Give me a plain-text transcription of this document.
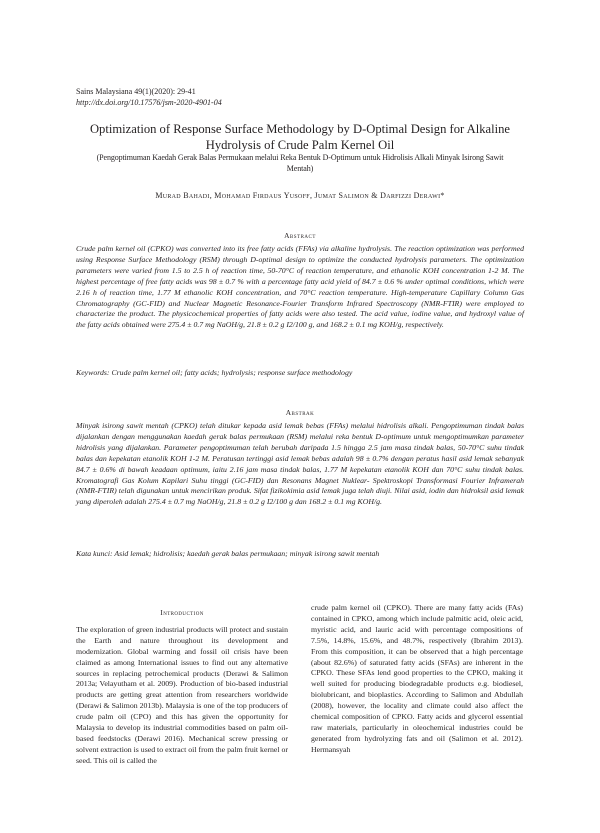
Sains Malaysiana 49(1)(2020): 29-41
http://dx.doi.org/10.17576/jsm-2020-4901-04
Optimization of Response Surface Methodology by D-Optimal Design for Alkaline Hydrolysis of Crude Palm Kernel Oil
(Pengoptimuman Kaedah Gerak Balas Permukaan melalui Reka Bentuk D-Optimum untuk Hidrolisis Alkali Minyak Isirong Sawit Mentah)
Murad Bahadi, Mohamad Firdaus Yusoff, Jumat Salimon & Darfizzi Derawi*
Abstract
Crude palm kernel oil (CPKO) was converted into its free fatty acids (FFAs) via alkaline hydrolysis. The reaction optimization was performed using Response Surface Methodology (RSM) through D-optimal design to optimize the conducted hydrolysis parameters. The optimization parameters were varied from 1.5 to 2.5 h of reaction time, 50-70°C of reaction temperature, and ethanolic KOH concentration 1-2 M. The highest percentage of free fatty acids was 98 ± 0.7 % with a percentage fatty acid yield of 84.7 ± 0.6 % under optimal conditions, which were 2.16 h of reaction time, 1.77 M ethanolic KOH concentration, and 70°C reaction temperature. High-temperature Capillary Column Gas Chromatography (GC-FID) and Nuclear Magnetic Resonance-Fourier Transform Infrared Spectroscopy (NMR-FTIR) were employed to characterize the product. The physicochemical properties of fatty acids were also tested. The acid value, iodine value, and hydroxyl value of the fatty acids obtained were 275.4 ± 0.7 mg NaOH/g, 21.8 ± 0.2 g I2/100 g, and 168.2 ± 0.1 mg KOH/g, respectively.
Keywords: Crude palm kernel oil; fatty acids; hydrolysis; response surface methodology
Abstrak
Minyak isirong sawit mentah (CPKO) telah ditukar kepada asid lemak bebas (FFAs) melalui hidrolisis alkali. Pengoptimuman tindak balas dijalankan dengan menggunakan kaedah gerak balas permukaan (RSM) melalui reka bentuk D-optimum untuk mengoptimumkan parameter hidrolisis yang dijalankan. Parameter pengoptimuman telah berubah daripada 1.5 hingga 2.5 jam masa tindak balas, 50-70°C suhu tindak balas dan kepekatan etanolik KOH 1-2 M. Peratusan tertinggi asid lemak bebas adalah 98 ± 0.7% dengan peratus hasil asid lemak sebanyak 84.7 ± 0.6% di bawah keadaan optimum, iaitu 2.16 jam masa tindak balas, 1.77 M kepekatan etanolik KOH dan 70°C suhu tindak balas. Kromatografi Gas Kolum Kapilari Suhu tinggi (GC-FID) dan Resonans Magnet Nuklear- Spektroskopi Transformasi Fourier Inframerah (NMR-FTIR) telah digunakan untuk mencirikan produk. Sifat fizikokimia asid lemak juga telah diuji. Nilai asid, iodin dan hidroksil asid lemak yang diperoleh adalah 275.4 ± 0.7 mg NaOH/g, 21.8 ± 0.2 g I2/100 g dan 168.2 ± 0.1 mg KOH/g.
Kata kunci: Asid lemak; hidrolisis; kaedah gerak balas permukaan; minyak isirong sawit mentah
Introduction

The exploration of green industrial products will protect and sustain the Earth and nature throughout its development and modernization. Global warming and fossil oil crisis have been claimed as among International issues to find out any alternative sources in replacing petrochemical products (Derawi & Salimon 2013a; Velayutham et al. 2009). Production of bio-based industrial products are getting great attention from researchers worldwide (Derawi & Salimon 2013b). Malaysia is one of the top producers of crude palm oil (CPO) and this has given the opportunity for Malaysia to develop its industrial commodities based on palm oil-based feedstocks (Derawi 2016). Mechanical screw pressing or solvent extraction is used to extract oil from the palm fruit kernel or seed. This oil is called the

crude palm kernel oil (CPKO). There are many fatty acids (FAs) contained in CPKO, among which include palmitic acid, oleic acid, myristic acid, and lauric acid with percentage compositions of 7.5%, 14.8%, 15.6%, and 48.7%, respectively (Ibrahim 2013). From this composition, it can be observed that a high percentage (about 82.6%) of saturated fatty acids (SFAs) are inherent in the CPKO. These SFAs lend good properties to the CPKO, making it well suited for producing biodegradable products e.g. biodiesel, biolubricant, and bioplastics. According to Salimon and Abdullah (2008), however, the locality and climate could also affect the chemical composition of CPKO. Fatty acids and glycerol essential raw materials, particularly in oleochemical industries could be generated from hydrolyzing fats and oil (Salimon et al. 2012). Hermansyah
